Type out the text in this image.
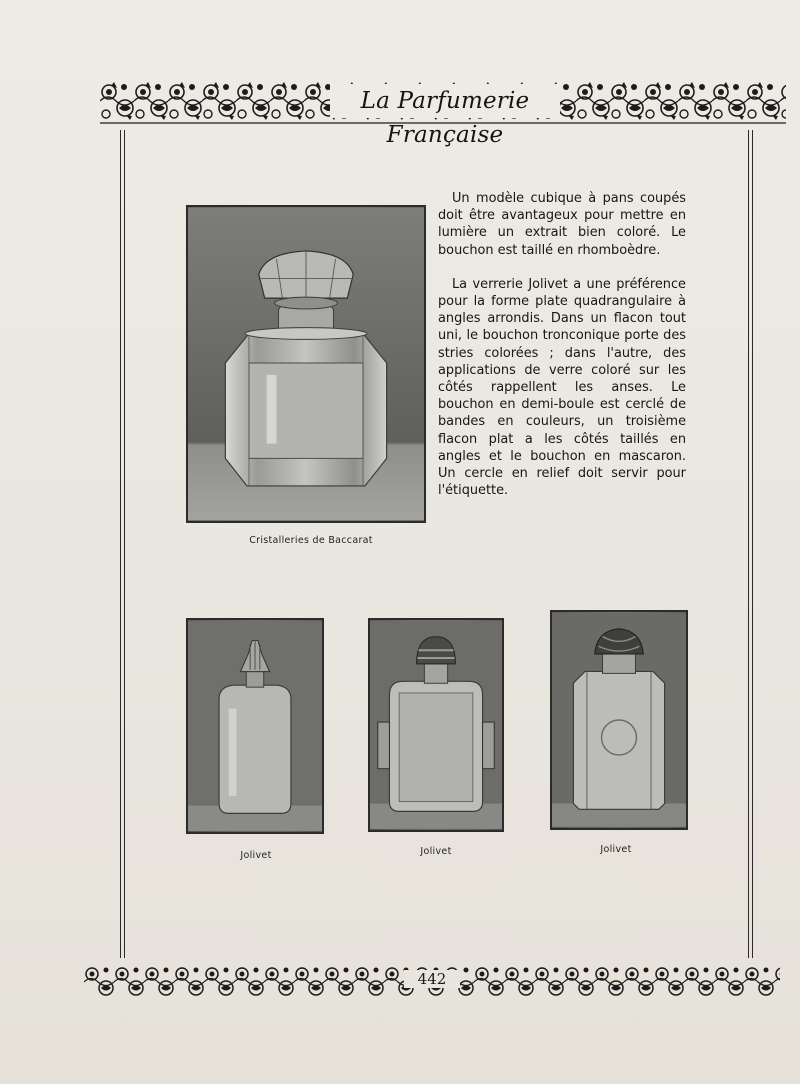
La Parfumerie Française
Cristalleries de Baccarat

Un modèle cubique à pans coupés doit être avantageux pour mettre en lumière un extrait bien coloré. Le bouchon est taillé en rhomboèdre.

La verrerie Jolivet a une préférence pour la forme plate quadrangulaire à angles arrondis. Dans un flacon tout uni, le bouchon tronconique porte des stries colorées ; dans l'autre, des applications de verre coloré sur les côtés rappellent les anses. Le bouchon en demi-boule est cerclé de bandes en couleurs, un troisième flacon plat a les côtés taillés en angles et le bouchon en mascaron. Un cercle en relief doit servir pour l'étiquette.

Jolivet	Jolivet	Jolivet
442
